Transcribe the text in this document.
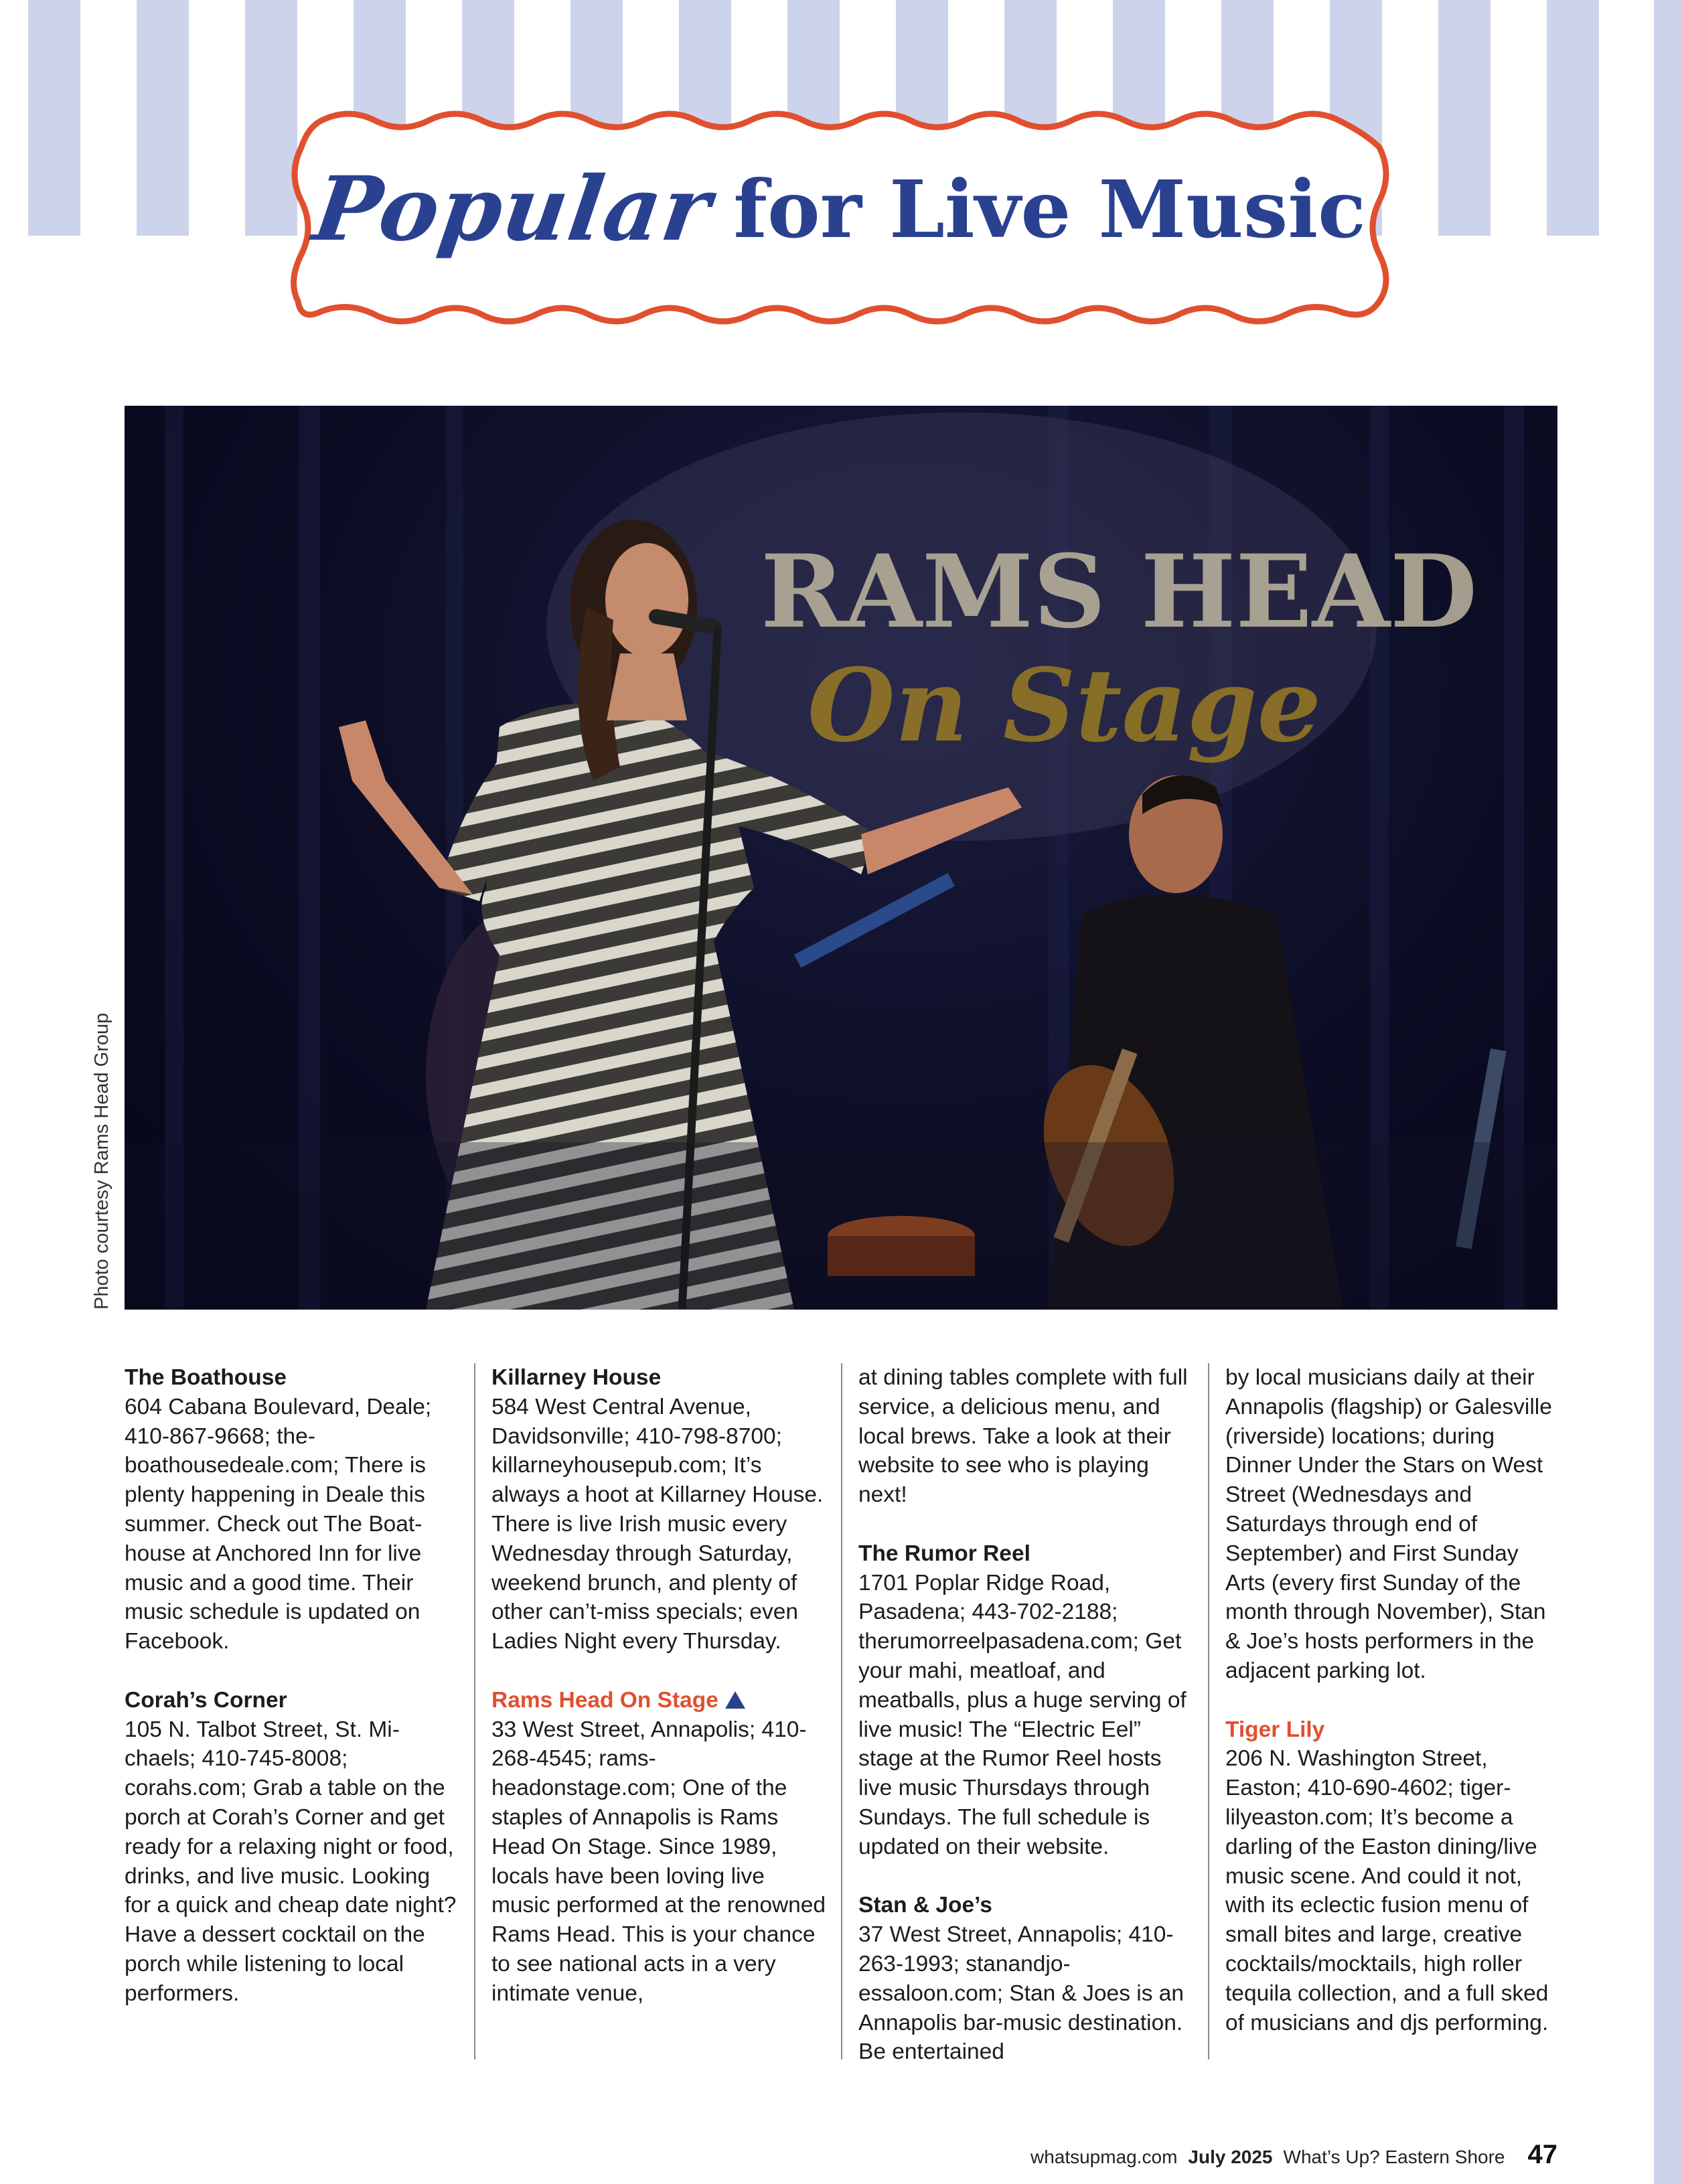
Popular for Live Music
RAMS HEAD
On Stage
Photo courtesy Rams Head Group
The Boathouse
604 Cabana Boulevard, Deale; 410-867-9668; theboathousedeale.com; There is plenty happening in Deale this summer. Check out The Boathouse at Anchored Inn for live music and a good time. Their music schedule is updated on Facebook.
Corah’s Corner
105 N. Talbot Street, St. Michaels; 410-745-8008; corahs.com; Grab a table on the porch at Corah’s Corner and get ready for a relaxing night or food, drinks, and live music. Looking for a quick and cheap date night? Have a dessert cocktail on the porch while listening to local performers.
Killarney House
584 West Central Avenue, Davidsonville; 410-798-8700; killarneyhousepub.com; It’s always a hoot at Killarney House. There is live Irish music every Wednesday through Saturday, weekend brunch, and plenty of other can’t-miss specials; even Ladies Night every Thursday.
Rams Head On Stage
33 West Street, Annapolis; 410-268-4545; ramsheadonstage.com; One of the staples of Annapolis is Rams Head On Stage. Since 1989, locals have been loving live music performed at the renowned Rams Head. This is your chance to see national acts in a very intimate venue,
at dining tables complete with full service, a delicious menu, and local brews. Take a look at their website to see who is playing next!
The Rumor Reel
1701 Poplar Ridge Road, Pasadena; 443-702-2188; therumorreelpasadena.com; Get your mahi, meatloaf, and meatballs, plus a huge serving of live music! The “Electric Eel” stage at the Rumor Reel hosts live music Thursdays through Sundays. The full schedule is updated on their website.
Stan & Joe’s
37 West Street, Annapolis; 410-263-1993; stanandjoessaloon.com; Stan & Joes is an Annapolis bar-music destination. Be entertained
by local musicians daily at their Annapolis (flagship) or Galesville (riverside) locations; during Dinner Under the Stars on West Street (Wednesdays and Saturdays through end of September) and First Sunday Arts (every first Sunday of the month through November), Stan & Joe’s hosts performers in the adjacent parking lot.
Tiger Lily
206 N. Washington Street, Easton; 410-690-4602; tigerlilyeaston.com; It’s become a darling of the Easton dining/live music scene. And could it not, with its eclectic fusion menu of small bites and large, creative cocktails/mocktails, high roller tequila collection, and a full sked of musicians and djs performing.
whatsupmag.com July 2025 What’s Up? Eastern Shore 47
